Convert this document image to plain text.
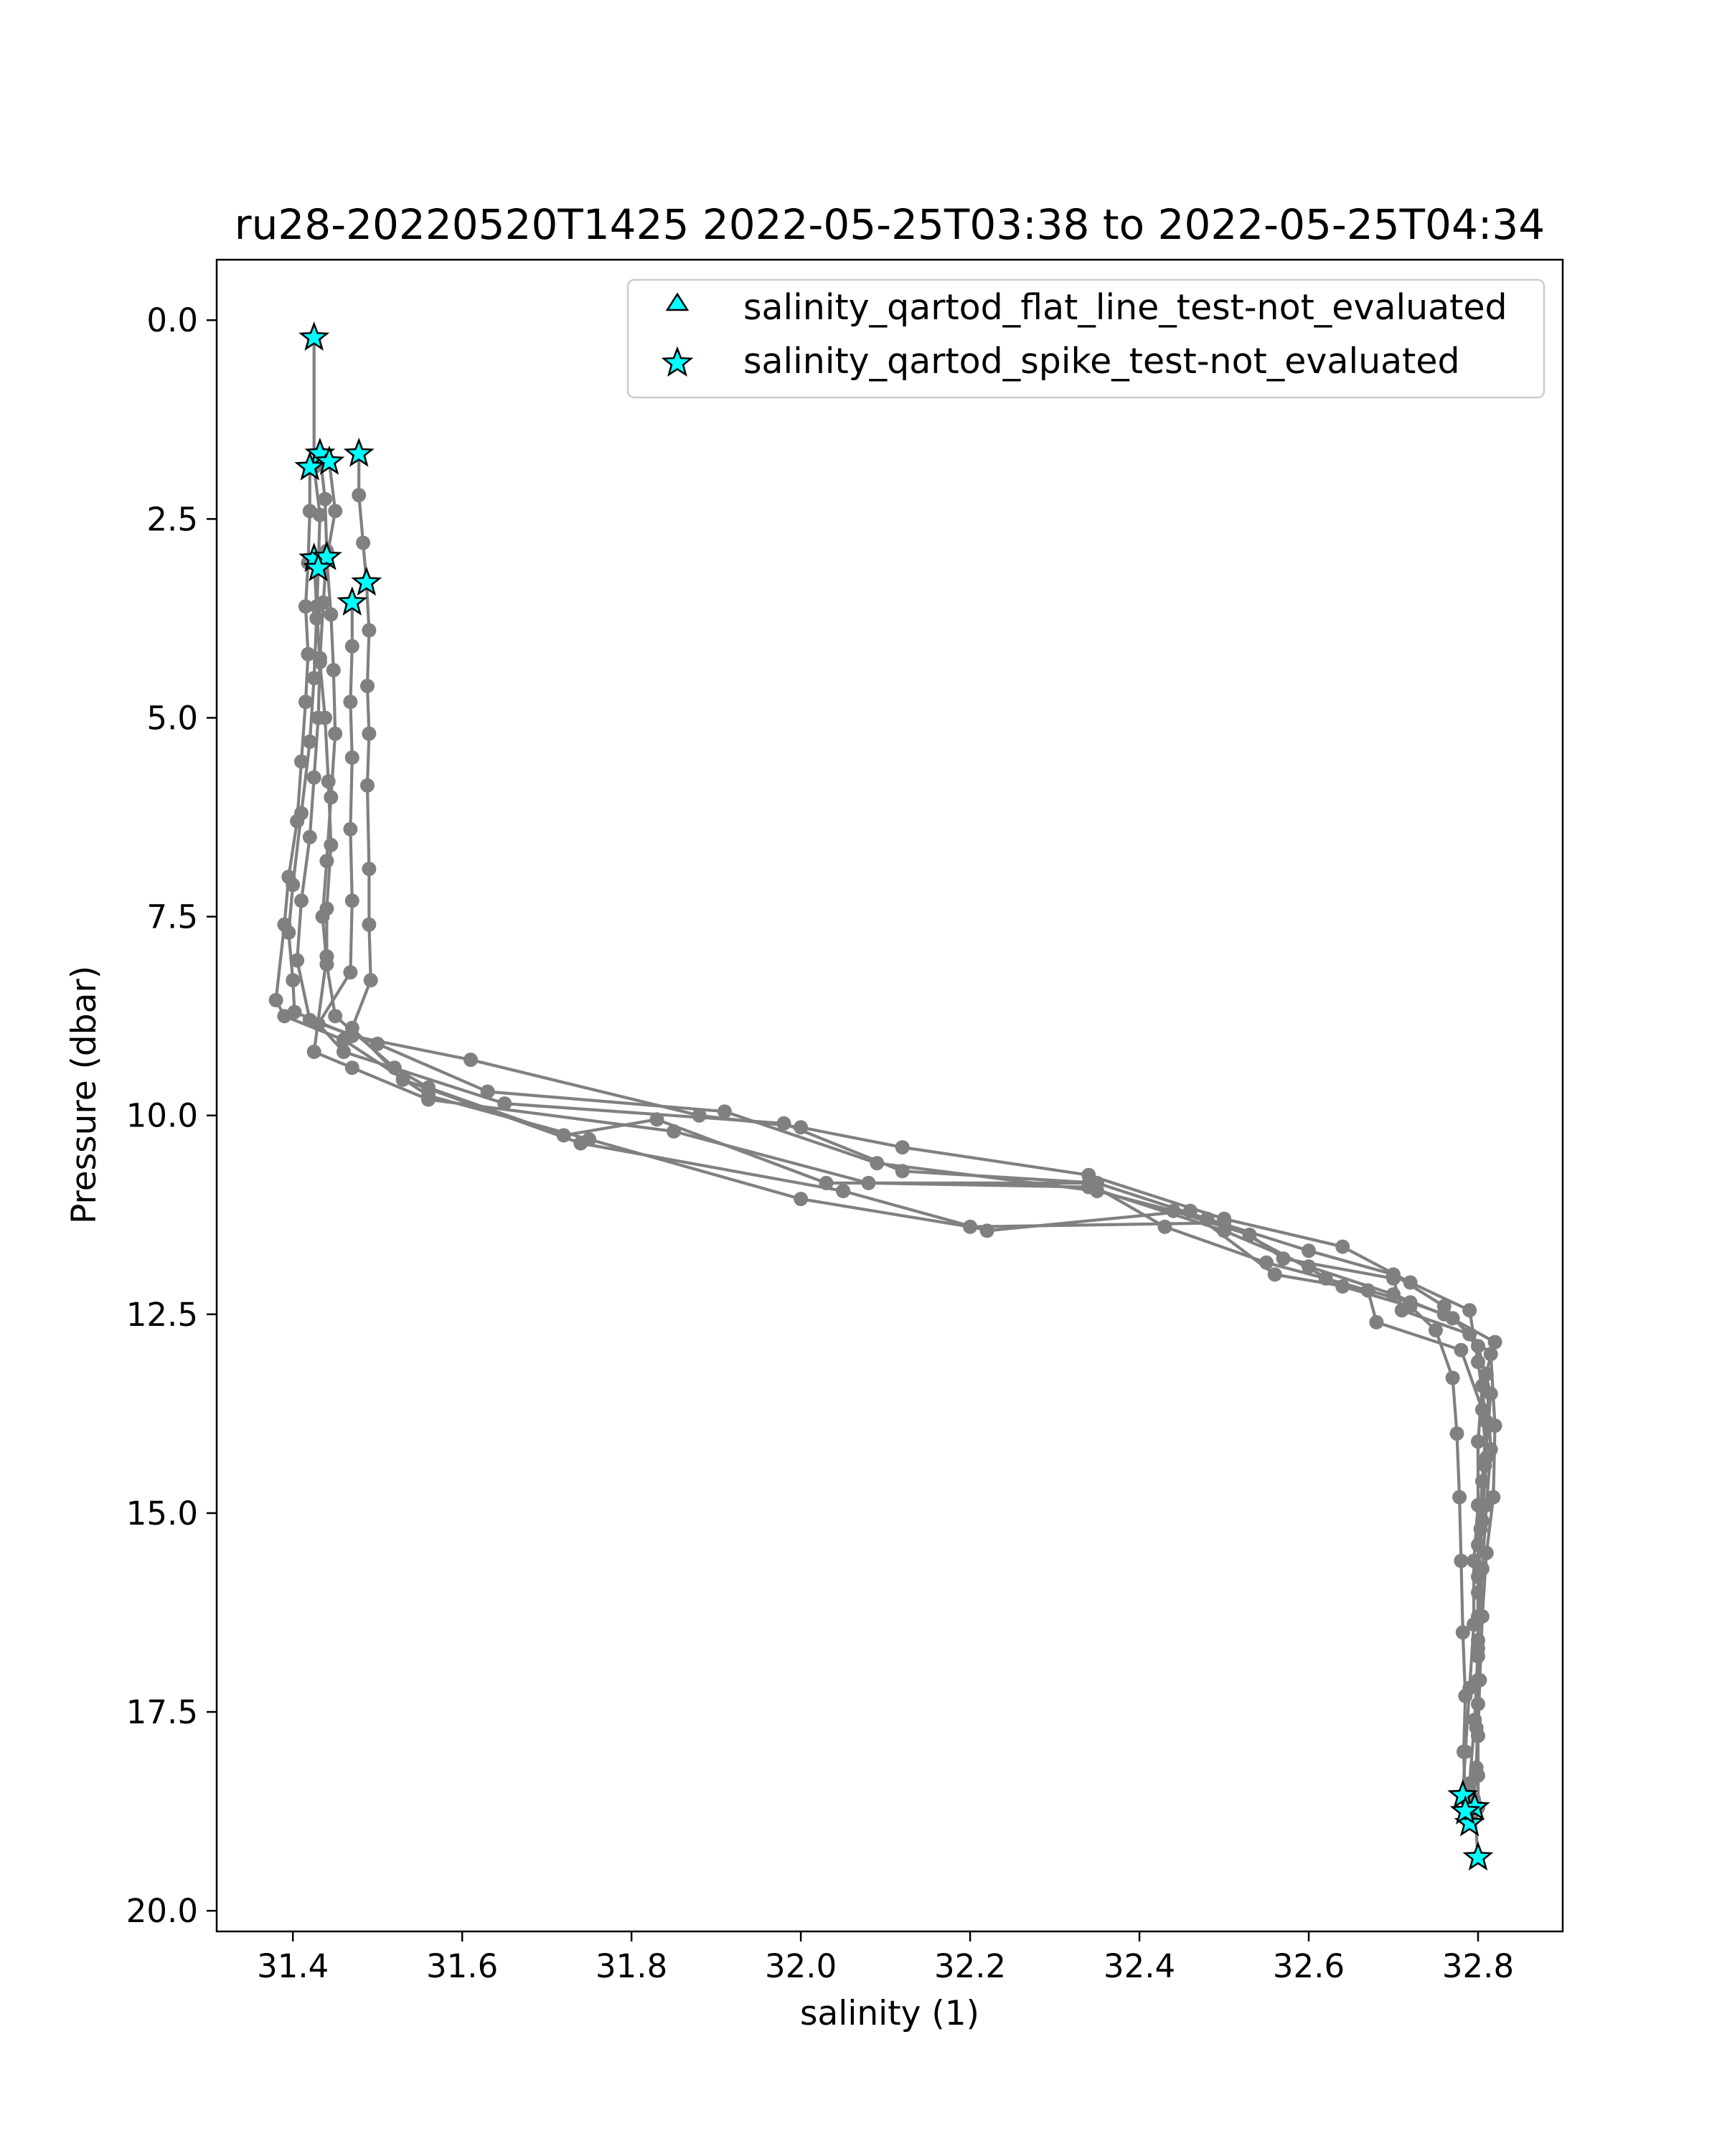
ru28-20220520T1425 2022-05-25T03:38 to 2022-05-25T04:34
31.4	31.6	31.8	32.0	32.2	32.4	32.6	32.8
0.0
2.5
5.0
7.5
10.0
12.5
15.0
17.5
20.0
salinity (1)
Pressure (dbar)
salinity_qartod_flat_line_test-not_evaluated
salinity_qartod_spike_test-not_evaluated
